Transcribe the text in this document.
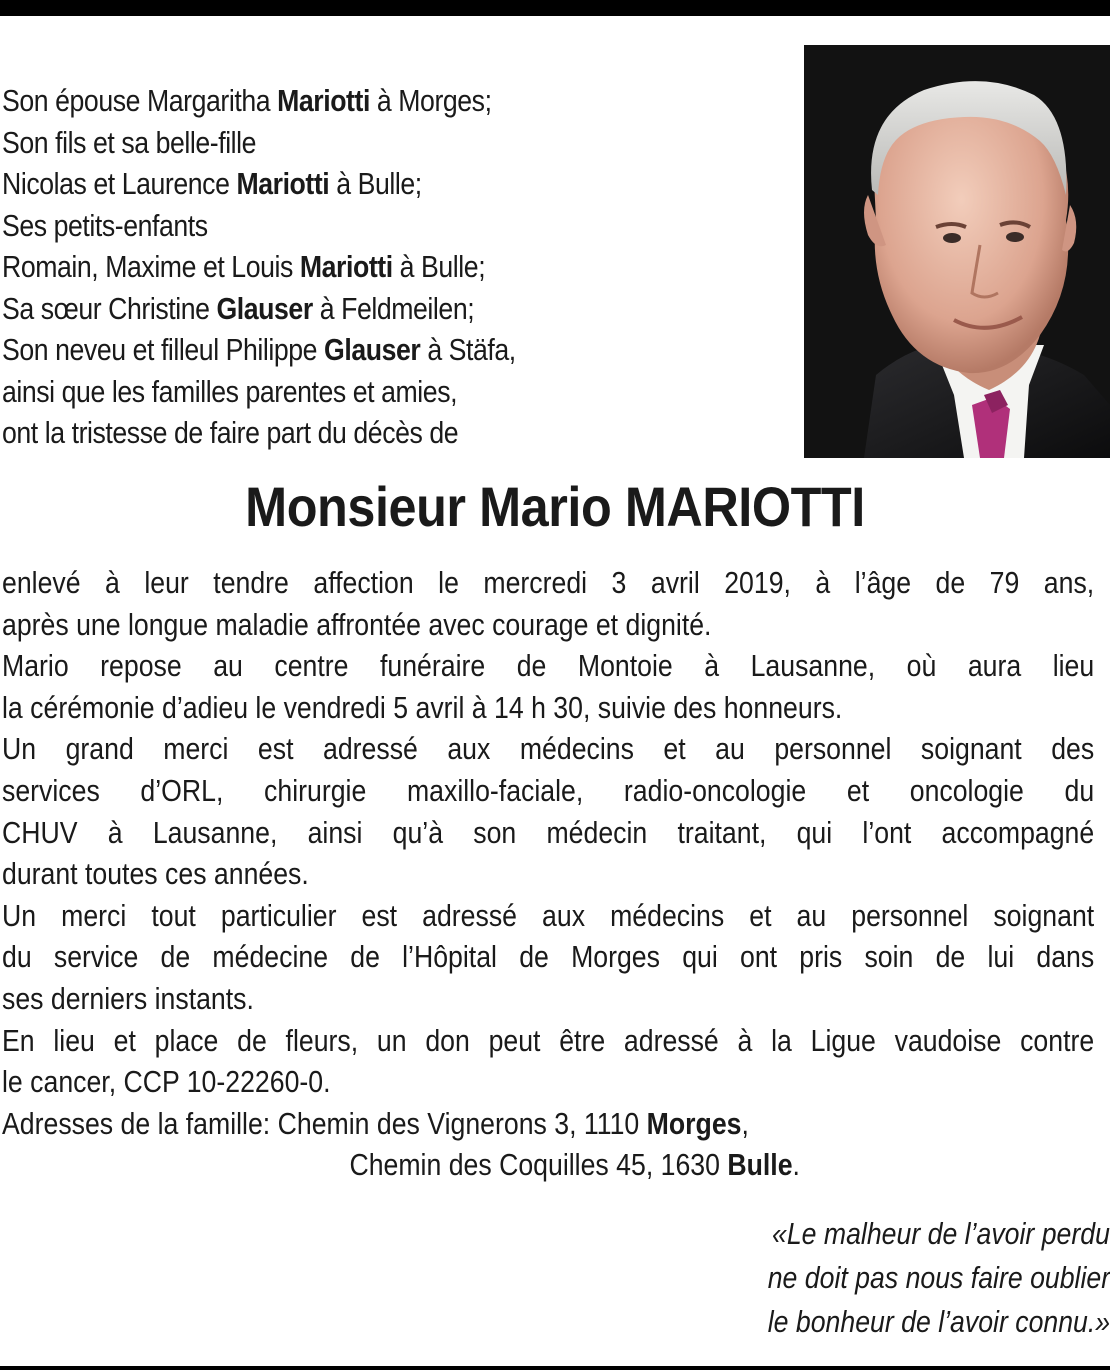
Son épouse Margaritha Mariotti à Morges;
Son fils et sa belle-fille
Nicolas et Laurence Mariotti à Bulle;
Ses petits-enfants
Romain, Maxime et Louis Mariotti à Bulle;
Sa sœur Christine Glauser à Feldmeilen;
Son neveu et filleul Philippe Glauser à Stäfa,
ainsi que les familles parentes et amies,
ont la tristesse de faire part du décès de
Monsieur Mario MARIOTTI
enlevé à leur tendre affection le mercredi 3 avril 2019, à l’âge de 79 ans,
après une longue maladie affrontée avec courage et dignité.
Mario repose au centre funéraire de Montoie à Lausanne, où aura lieu
la cérémonie d’adieu le vendredi 5 avril à 14 h 30, suivie des honneurs.
Un grand merci est adressé aux médecins et au personnel soignant des
services d’ORL, chirurgie maxillo-faciale, radio-oncologie et oncologie du
CHUV à Lausanne, ainsi qu’à son médecin traitant, qui l’ont accompagné
durant toutes ces années.
Un merci tout particulier est adressé aux médecins et au personnel soignant
du service de médecine de l’Hôpital de Morges qui ont pris soin de lui dans
ses derniers instants.
En lieu et place de fleurs, un don peut être adressé à la Ligue vaudoise contre
le cancer, CCP 10-22260-0.
Adresses de la famille: Chemin des Vignerons 3, 1110 Morges,
Chemin des Coquilles 45, 1630 Bulle.
«Le malheur de l’avoir perdu
ne doit pas nous faire oublier
le bonheur de l’avoir connu.»
